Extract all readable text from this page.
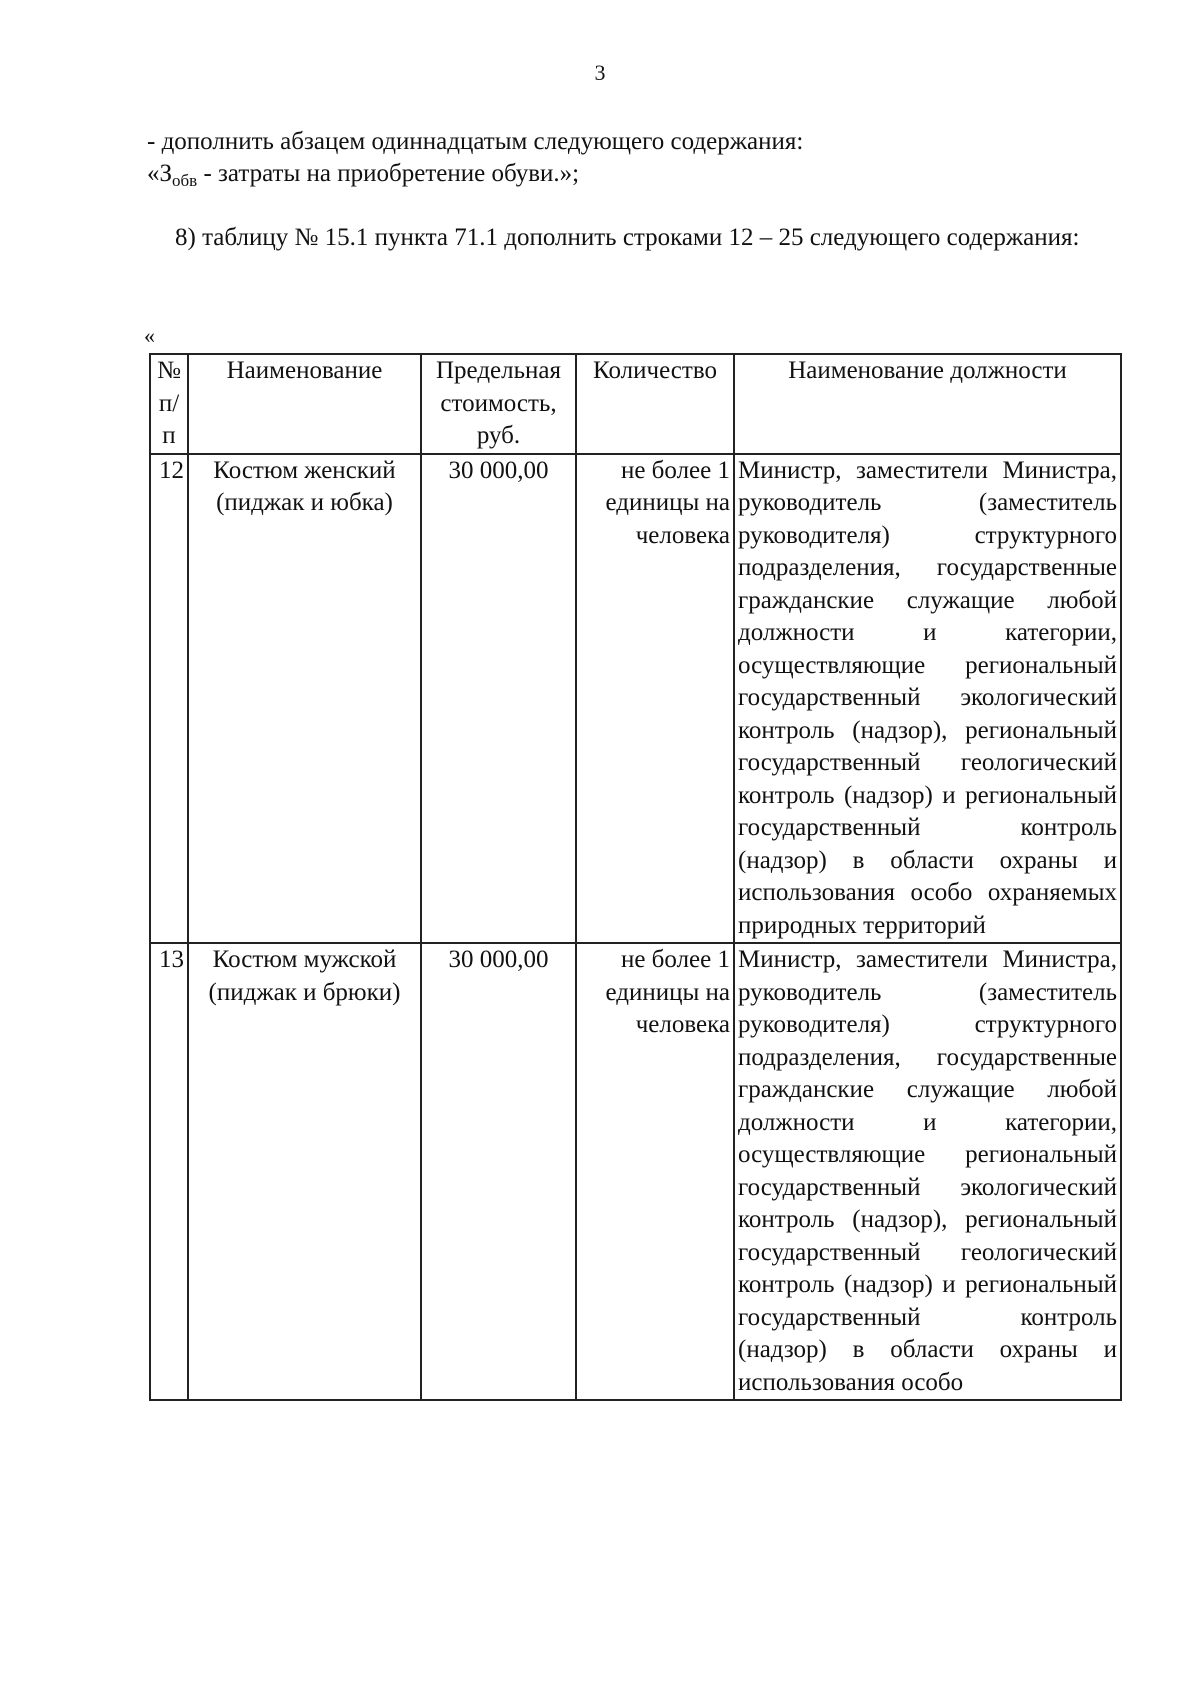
3
- дополнить абзацем одиннадцатым следующего содержания:
«$З_{обв}$ - затраты на приобретение обуви.»;
8) таблицу № 15.1 пункта 71.1 дополнить строками 12 – 25 следующего содержания:
«
№ п/п	Наименование	Предельная стоимость, руб.	Количество	Наименование должности
12	Костюм женский (пиджак и юбка)	30 000,00	не более 1 единицы на человека	Министр, заместители Министра, руководитель (заместитель руководителя) структурного подразделения, государственные гражданские служащие любой должности и категории, осуществляющие региональный государственный экологический контроль (надзор), региональный государственный геологический контроль (надзор) и региональный государственный контроль (надзор) в области охраны и использования особо охраняемых природных территорий
13	Костюм мужской (пиджак и брюки)	30 000,00	не более 1 единицы на человека	Министр, заместители Министра, руководитель (заместитель руководителя) структурного подразделения, государственные гражданские служащие любой должности и категории, осуществляющие региональный государственный экологический контроль (надзор), региональный государственный геологический контроль (надзор) и региональный государственный контроль (надзор) в области охраны и использования особо
